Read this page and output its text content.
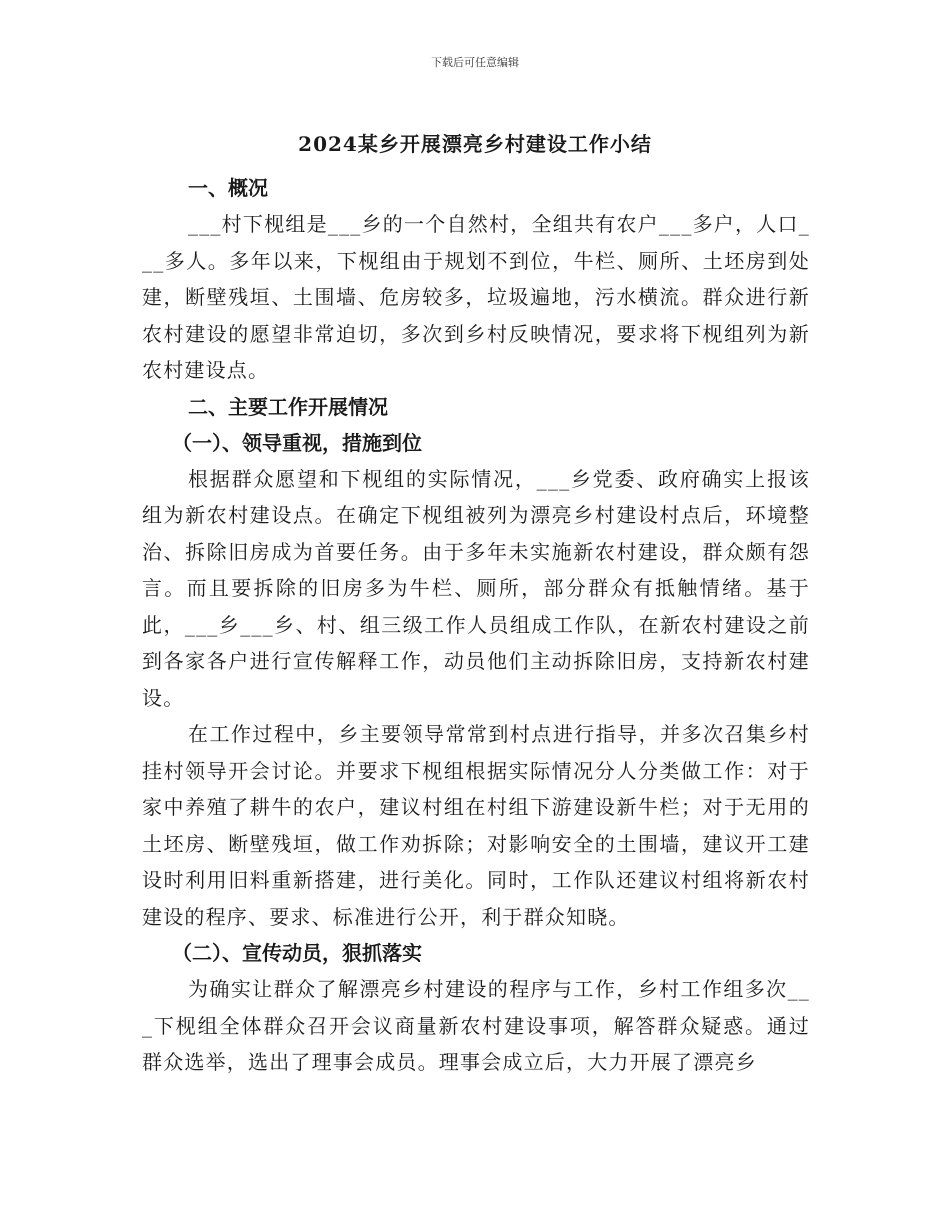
下载后可任意编辑
2024某乡开展漂亮乡村建设工作小结

一、概况

___村下枧组是___乡的一个自然村，全组共有农户___多户，人口___多人。多年以来，下枧组由于规划不到位，牛栏、厕所、土坯房到处建，断壁残垣、土围墙、危房较多，垃圾遍地，污水横流。群众进行新农村建设的愿望非常迫切，多次到乡村反映情况，要求将下枧组列为新农村建设点。

二、主要工作开展情况

（一）、领导重视，措施到位

根据群众愿望和下枧组的实际情况，___乡党委、政府确实上报该组为新农村建设点。在确定下枧组被列为漂亮乡村建设村点后，环境整治、拆除旧房成为首要任务。由于多年未实施新农村建设，群众颇有怨言。而且要拆除的旧房多为牛栏、厕所，部分群众有抵触情绪。基于此，___乡___乡、村、组三级工作人员组成工作队，在新农村建设之前到各家各户进行宣传解释工作，动员他们主动拆除旧房，支持新农村建设。

在工作过程中，乡主要领导常常到村点进行指导，并多次召集乡村挂村领导开会讨论。并要求下枧组根据实际情况分人分类做工作：对于家中养殖了耕牛的农户，建议村组在村组下游建设新牛栏；对于无用的土坯房、断壁残垣，做工作劝拆除；对影响安全的土围墙，建议开工建设时利用旧料重新搭建，进行美化。同时，工作队还建议村组将新农村建设的程序、要求、标准进行公开，利于群众知晓。

（二）、宣传动员，狠抓落实

为确实让群众了解漂亮乡村建设的程序与工作，乡村工作组多次___下枧组全体群众召开会议商量新农村建设事项，解答群众疑惑。通过群众选举，选出了理事会成员。理事会成立后，大力开展了漂亮乡
